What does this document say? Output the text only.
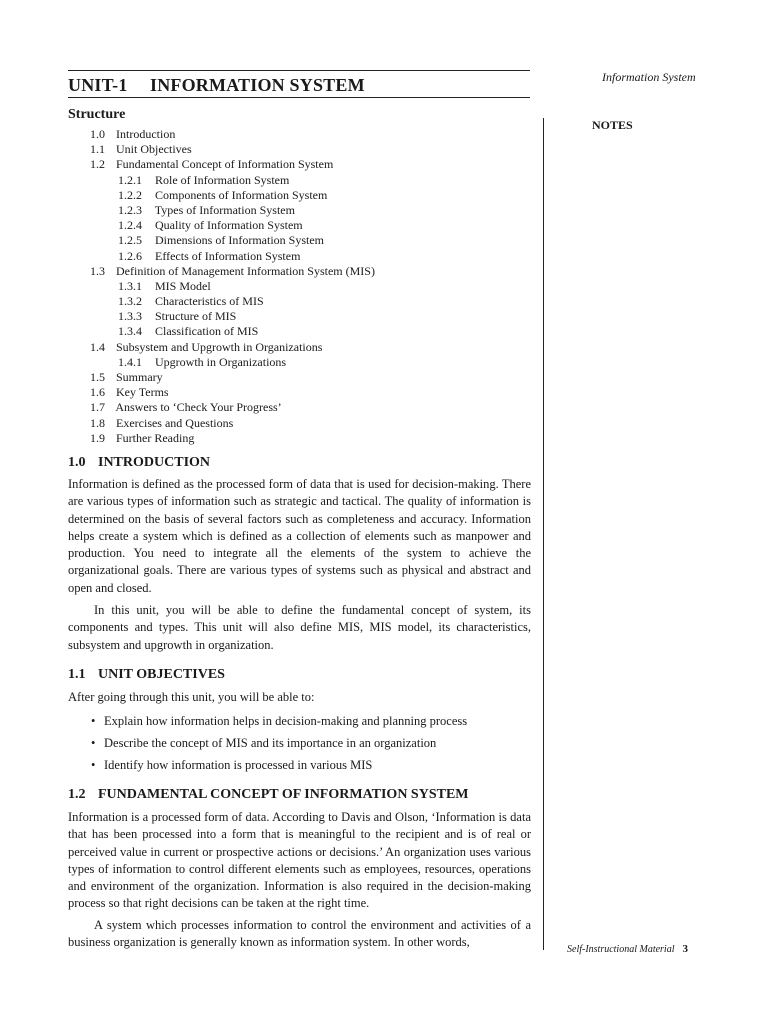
UNIT-1 INFORMATION SYSTEM	Information System
NOTES
Structure
1.0 Introduction
1.1 Unit Objectives
1.2 Fundamental Concept of Information System
1.2.1 Role of Information System
1.2.2 Components of Information System
1.2.3 Types of Information System
1.2.4 Quality of Information System
1.2.5 Dimensions of Information System
1.2.6 Effects of Information System
1.3 Definition of Management Information System (MIS)
1.3.1 MIS Model
1.3.2 Characteristics of MIS
1.3.3 Structure of MIS
1.3.4 Classification of MIS
1.4 Subsystem and Upgrowth in Organizations
1.4.1 Upgrowth in Organizations
1.5 Summary
1.6 Key Terms
1.7 Answers to ‘Check Your Progress’
1.8 Exercises and Questions
1.9 Further Reading
1.0 INTRODUCTION

Information is defined as the processed form of data that is used for decision-making. There are various types of information such as strategic and tactical. The quality of information is determined on the basis of several factors such as completeness and accuracy. Information helps create a system which is defined as a collection of elements such as manpower and production. You need to integrate all the elements of the system to achieve the organizational goals. There are various types of systems such as physical and abstract and open and closed.

In this unit, you will be able to define the fundamental concept of system, its components and types. This unit will also define MIS, MIS model, its characteristics, subsystem and upgrowth in organization.

1.1 UNIT OBJECTIVES

After going through this unit, you will be able to:

• Explain how information helps in decision-making and planning process
• Describe the concept of MIS and its importance in an organization
• Identify how information is processed in various MIS
1.2 FUNDAMENTAL CONCEPT OF INFORMATION SYSTEM

Information is a processed form of data. According to Davis and Olson, ‘Information is data that has been processed into a form that is meaningful to the recipient and is of real or perceived value in current or prospective actions or decisions.’ An organization uses various types of information to control different elements such as employees, resources, operations and environment of the organization. Information is also required in the decision-making process so that right decisions can be taken at the right time.

A system which processes information to control the environment and activities of a business organization is generally known as information system. In other words,

Self-Instructional Material 3
